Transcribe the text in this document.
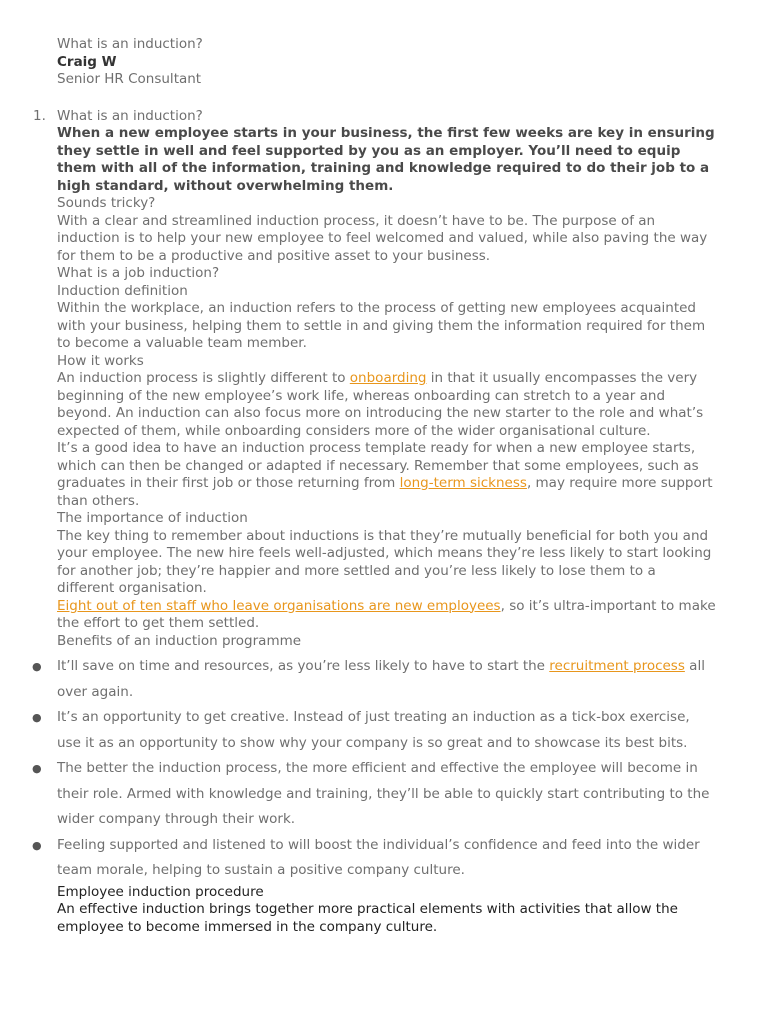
What is an induction?

Craig W

Senior HR Consultant

1. What is an induction?

When a new employee starts in your business, the first few weeks are key in ensuring they settle in well and feel supported by you as an employer. You’ll need to equip them with all of the information, training and knowledge required to do their job to a high standard, without overwhelming them.

Sounds tricky?

With a clear and streamlined induction process, it doesn’t have to be. The purpose of an induction is to help your new employee to feel welcomed and valued, while also paving the way for them to be a productive and positive asset to your business.

What is a job induction?

Induction definition

Within the workplace, an induction refers to the process of getting new employees acquainted with your business, helping them to settle in and giving them the information required for them to become a valuable team member.

How it works

An induction process is slightly different to onboarding in that it usually encompasses the very beginning of the new employee’s work life, whereas onboarding can stretch to a year and beyond. An induction can also focus more on introducing the new starter to the role and what’s expected of them, while onboarding considers more of the wider organisational culture.

It’s a good idea to have an induction process template ready for when a new employee starts, which can then be changed or adapted if necessary. Remember that some employees, such as graduates in their first job or those returning from long-term sickness, may require more support than others.

The importance of induction

The key thing to remember about inductions is that they’re mutually beneficial for both you and your employee. The new hire feels well-adjusted, which means they’re less likely to start looking for another job; they’re happier and more settled and you’re less likely to lose them to a different organisation.

Eight out of ten staff who leave organisations are new employees, so it’s ultra-important to make the effort to get them settled.

Benefits of an induction programme

● It’ll save on time and resources, as you’re less likely to have to start the recruitment process all over again.
● It’s an opportunity to get creative. Instead of just treating an induction as a tick-box exercise, use it as an opportunity to show why your company is so great and to showcase its best bits.
● The better the induction process, the more efficient and effective the employee will become in their role. Armed with knowledge and training, they’ll be able to quickly start contributing to the wider company through their work.
● Feeling supported and listened to will boost the individual’s confidence and feed into the wider team morale, helping to sustain a positive company culture.

Employee induction procedure

An effective induction brings together more practical elements with activities that allow the employee to become immersed in the company culture.
